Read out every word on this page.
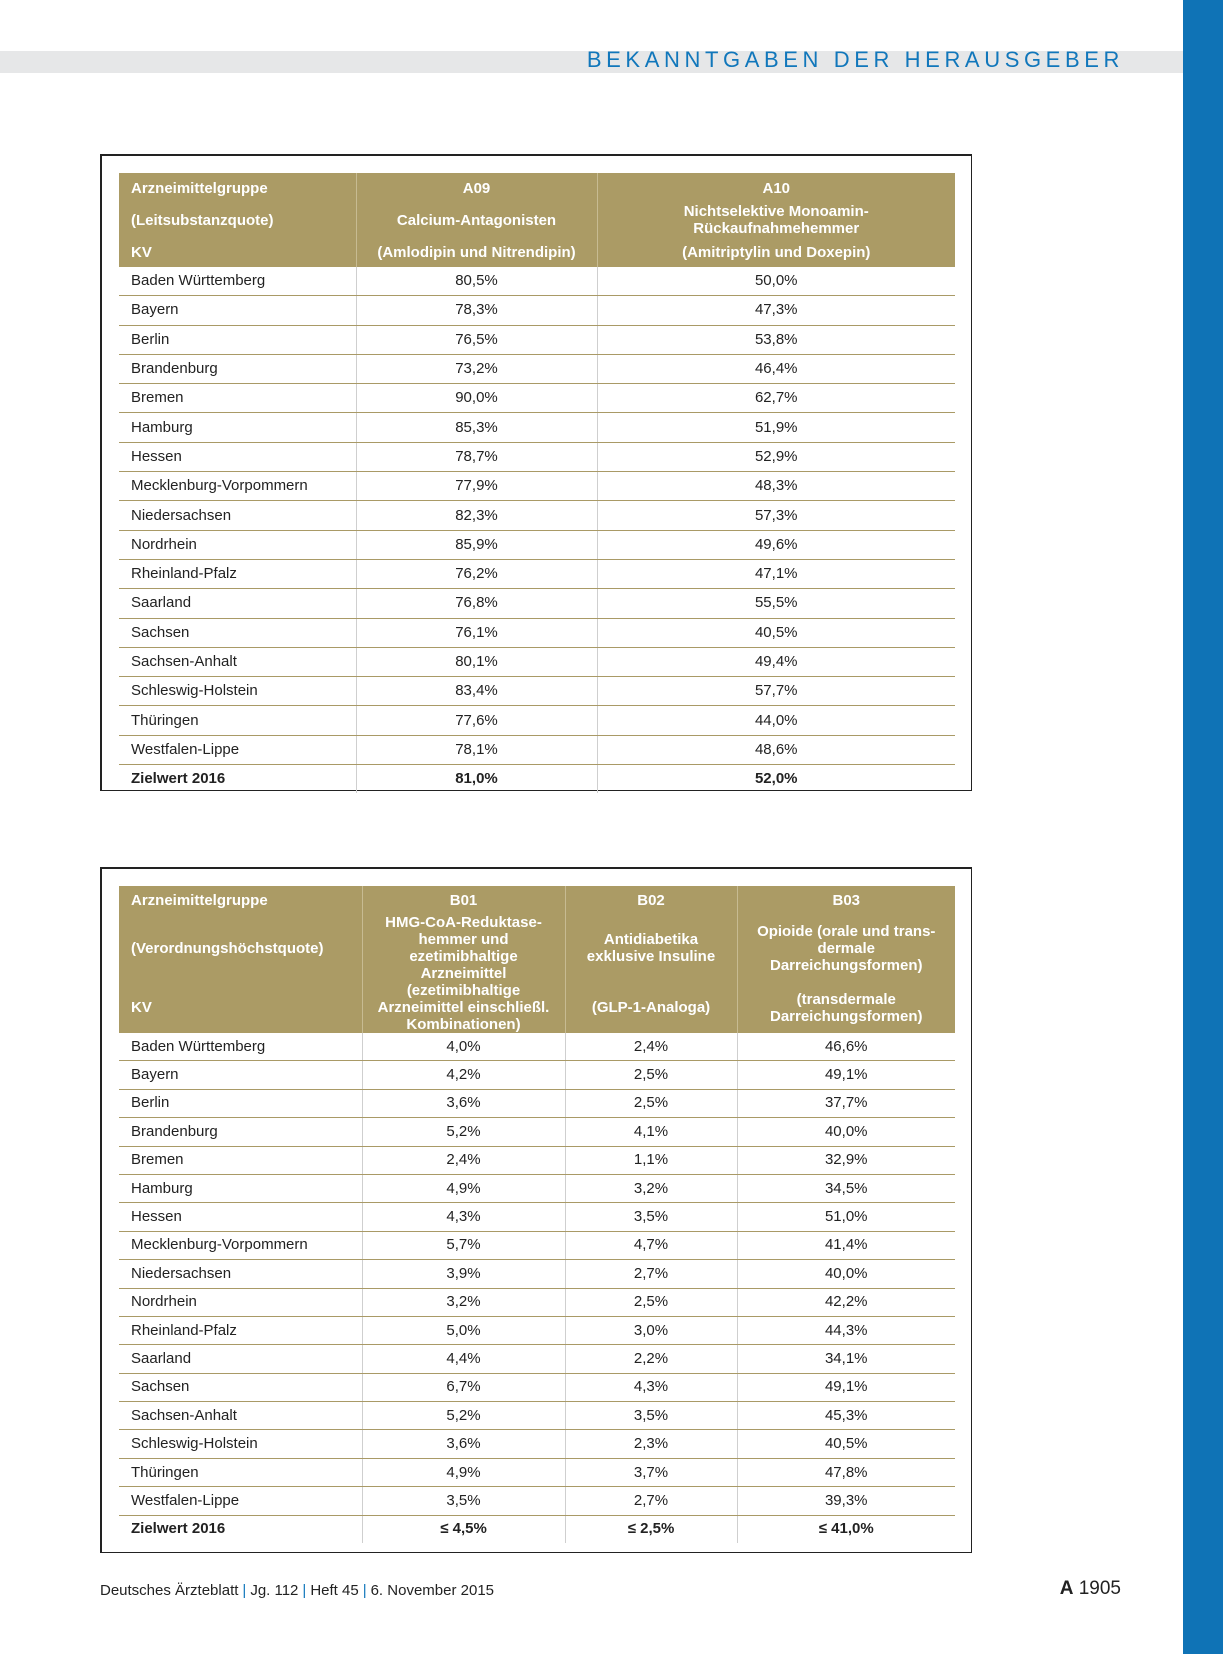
BEKANNTGABEN DER HERAUSGEBER
Arzneimittelgruppe	A09	A10
(Leitsubstanzquote)	Calcium-Antagonisten	Nichtselektive Monoamin-Rückaufnahmehemmer
KV	(Amlodipin und Nitrendipin)	(Amitriptylin und Doxepin)
Baden Württemberg	80,5%	50,0%
Bayern	78,3%	47,3%
Berlin	76,5%	53,8%
Brandenburg	73,2%	46,4%
Bremen	90,0%	62,7%
Hamburg	85,3%	51,9%
Hessen	78,7%	52,9%
Mecklenburg-Vorpommern	77,9%	48,3%
Niedersachsen	82,3%	57,3%
Nordrhein	85,9%	49,6%
Rheinland-Pfalz	76,2%	47,1%
Saarland	76,8%	55,5%
Sachsen	76,1%	40,5%
Sachsen-Anhalt	80,1%	49,4%
Schleswig-Holstein	83,4%	57,7%
Thüringen	77,6%	44,0%
Westfalen-Lippe	78,1%	48,6%
Zielwert 2016	81,0%	52,0%
Arzneimittelgruppe	B01	B02	B03
(Verordnungshöchstquote)	HMG-CoA-Reduktase-hemmer und ezetimibhaltige Arzneimittel	Antidiabetika exklusive Insuline	Opioide (orale und trans-dermale Darreichungsformen)
KV	(ezetimibhaltige Arzneimittel einschließl. Kombinationen)	(GLP-1-Analoga)	(transdermale Darreichungsformen)
Baden Württemberg	4,0%	2,4%	46,6%
Bayern	4,2%	2,5%	49,1%
Berlin	3,6%	2,5%	37,7%
Brandenburg	5,2%	4,1%	40,0%
Bremen	2,4%	1,1%	32,9%
Hamburg	4,9%	3,2%	34,5%
Hessen	4,3%	3,5%	51,0%
Mecklenburg-Vorpommern	5,7%	4,7%	41,4%
Niedersachsen	3,9%	2,7%	40,0%
Nordrhein	3,2%	2,5%	42,2%
Rheinland-Pfalz	5,0%	3,0%	44,3%
Saarland	4,4%	2,2%	34,1%
Sachsen	6,7%	4,3%	49,1%
Sachsen-Anhalt	5,2%	3,5%	45,3%
Schleswig-Holstein	3,6%	2,3%	40,5%
Thüringen	4,9%	3,7%	47,8%
Westfalen-Lippe	3,5%	2,7%	39,3%
Zielwert 2016	≤ 4,5%	≤ 2,5%	≤ 41,0%
Deutsches Ärzteblatt | Jg. 112 | Heft 45 | 6. November 2015	A 1905
